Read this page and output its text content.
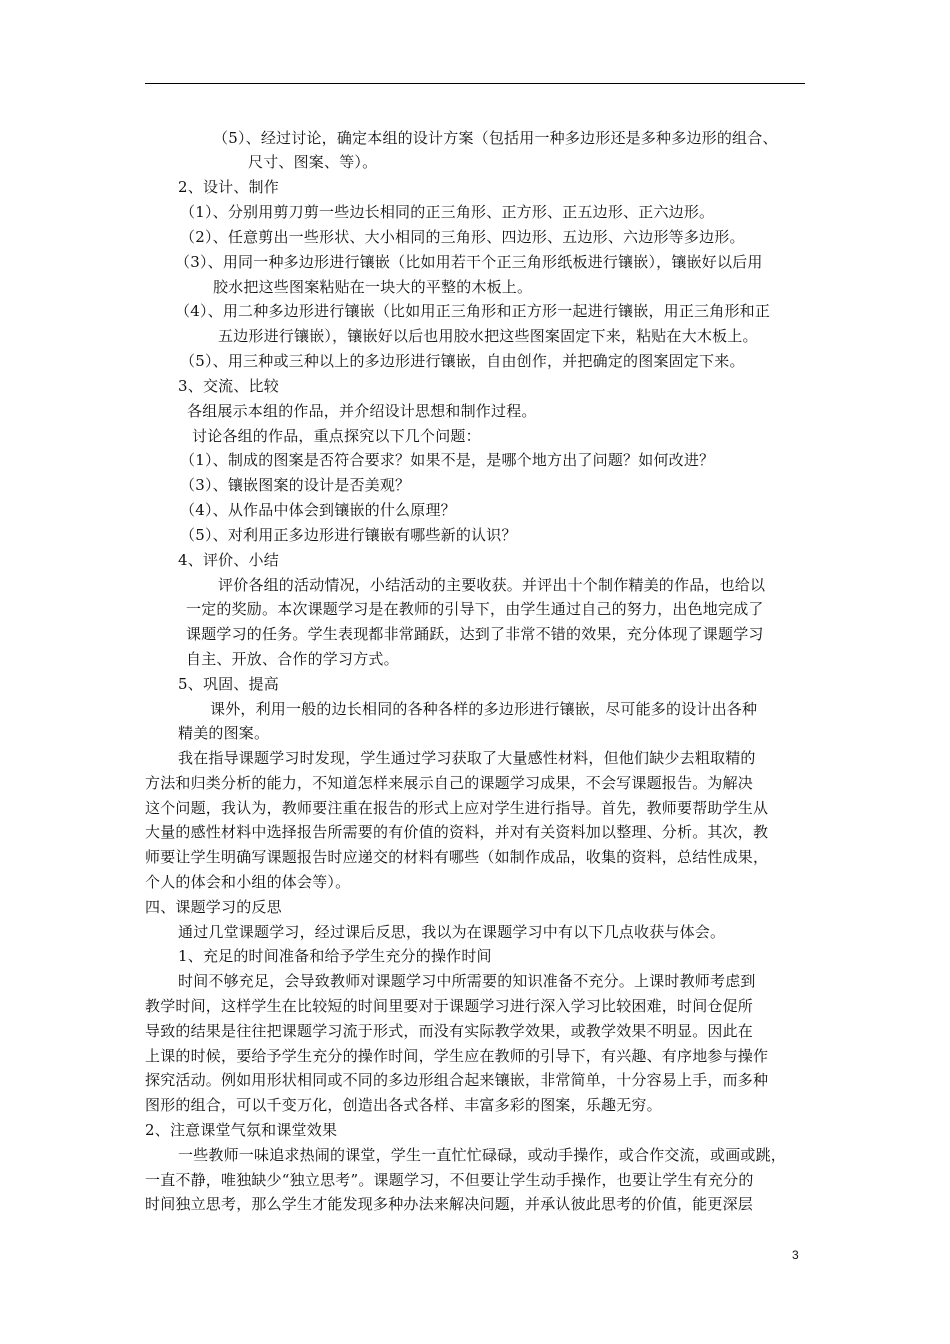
（5）、经过讨论，确定本组的设计方案（包括用一种多边形还是多种多边形的组合、
尺寸、图案、等）。
2、设计、制作
（1）、分别用剪刀剪一些边长相同的正三角形、正方形、正五边形、正六边形。
（2）、任意剪出一些形状、大小相同的三角形、四边形、五边形、六边形等多边形。
（3）、用同一种多边形进行镶嵌（比如用若干个正三角形纸板进行镶嵌），镶嵌好以后用
胶水把这些图案粘贴在一块大的平整的木板上。
（4）、用二种多边形进行镶嵌（比如用正三角形和正方形一起进行镶嵌，用正三角形和正
五边形进行镶嵌），镶嵌好以后也用胶水把这些图案固定下来，粘贴在大木板上。
（5）、用三种或三种以上的多边形进行镶嵌，自由创作，并把确定的图案固定下来。
3、交流、比较
各组展示本组的作品，并介绍设计思想和制作过程。
讨论各组的作品，重点探究以下几个问题：
（1）、制成的图案是否符合要求？如果不是，是哪个地方出了问题？如何改进？
（3）、镶嵌图案的设计是否美观？
（4）、从作品中体会到镶嵌的什么原理？
（5）、对利用正多边形进行镶嵌有哪些新的认识？
4、评价、小结
评价各组的活动情况，小结活动的主要收获。并评出十个制作精美的作品，也给以
一定的奖励。本次课题学习是在教师的引导下，由学生通过自己的努力，出色地完成了
课题学习的任务。学生表现都非常踊跃，达到了非常不错的效果，充分体现了课题学习
自主、开放、合作的学习方式。
5、巩固、提高
课外，利用一般的边长相同的各种各样的多边形进行镶嵌，尽可能多的设计出各种
精美的图案。
我在指导课题学习时发现，学生通过学习获取了大量感性材料，但他们缺少去粗取精的
方法和归类分析的能力，不知道怎样来展示自己的课题学习成果，不会写课题报告。为解决
这个问题，我认为，教师要注重在报告的形式上应对学生进行指导。首先，教师要帮助学生从
大量的感性材料中选择报告所需要的有价值的资料，并对有关资料加以整理、分析。其次，教
师要让学生明确写课题报告时应递交的材料有哪些（如制作成品，收集的资料，总结性成果，
个人的体会和小组的体会等）。
四、课题学习的反思
通过几堂课题学习，经过课后反思，我以为在课题学习中有以下几点收获与体会。
1、充足的时间准备和给予学生充分的操作时间
时间不够充足，会导致教师对课题学习中所需要的知识准备不充分。上课时教师考虑到
教学时间，这样学生在比较短的时间里要对于课题学习进行深入学习比较困难，时间仓促所
导致的结果是往往把课题学习流于形式，而没有实际教学效果，或教学效果不明显。因此在
上课的时候，要给予学生充分的操作时间，学生应在教师的引导下，有兴趣、有序地参与操作
探究活动。例如用形状相同或不同的多边形组合起来镶嵌，非常简单，十分容易上手，而多种
图形的组合，可以千变万化，创造出各式各样、丰富多彩的图案，乐趣无穷。
2、注意课堂气氛和课堂效果
一些教师一味追求热闹的课堂，学生一直忙忙碌碌，或动手操作，或合作交流，或画或跳，
一直不静，唯独缺少“独立思考”。课题学习，不但要让学生动手操作，也要让学生有充分的
时间独立思考，那么学生才能发现多种办法来解决问题，并承认彼此思考的价值，能更深层
3
